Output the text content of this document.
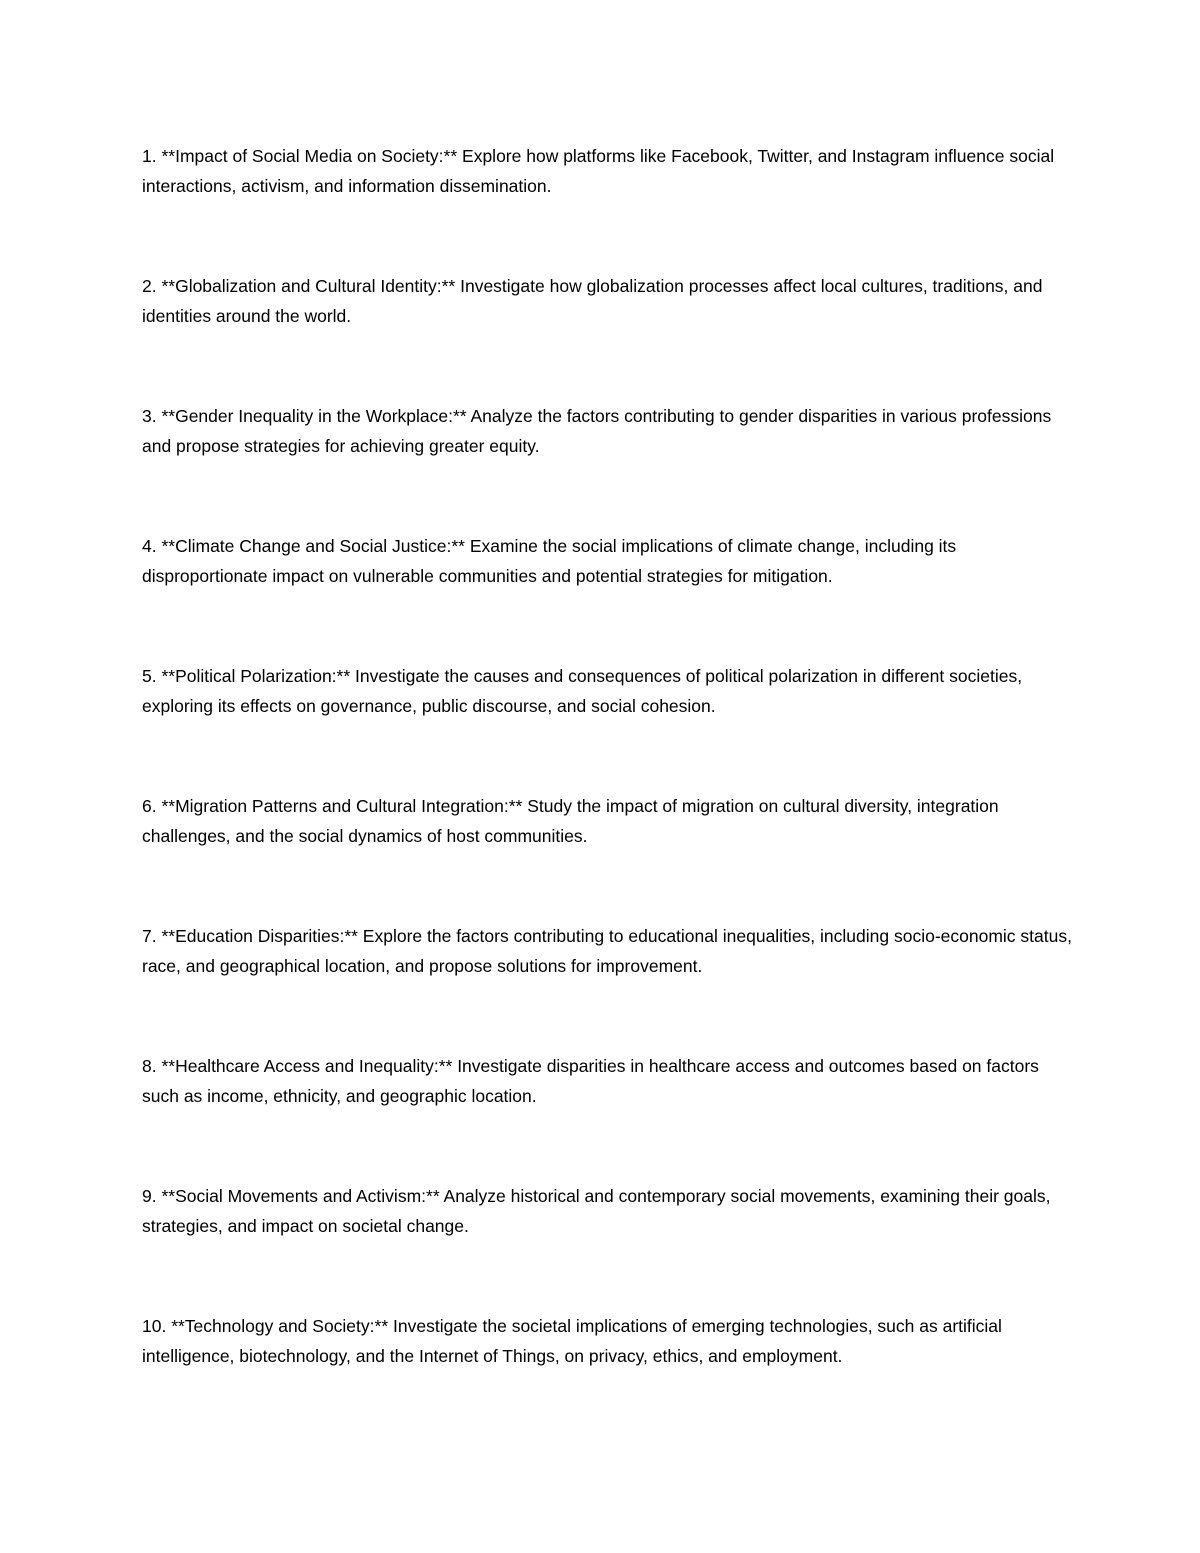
1. **Impact of Social Media on Society:** Explore how platforms like Facebook, Twitter, and Instagram influence social interactions, activism, and information dissemination.

2. **Globalization and Cultural Identity:** Investigate how globalization processes affect local cultures, traditions, and identities around the world.

3. **Gender Inequality in the Workplace:** Analyze the factors contributing to gender disparities in various professions and propose strategies for achieving greater equity.

4. **Climate Change and Social Justice:** Examine the social implications of climate change, including its disproportionate impact on vulnerable communities and potential strategies for mitigation.

5. **Political Polarization:** Investigate the causes and consequences of political polarization in different societies, exploring its effects on governance, public discourse, and social cohesion.

6. **Migration Patterns and Cultural Integration:** Study the impact of migration on cultural diversity, integration challenges, and the social dynamics of host communities.

7. **Education Disparities:** Explore the factors contributing to educational inequalities, including socio-economic status, race, and geographical location, and propose solutions for improvement.

8. **Healthcare Access and Inequality:** Investigate disparities in healthcare access and outcomes based on factors such as income, ethnicity, and geographic location.

9. **Social Movements and Activism:** Analyze historical and contemporary social movements, examining their goals, strategies, and impact on societal change.

10. **Technology and Society:** Investigate the societal implications of emerging technologies, such as artificial intelligence, biotechnology, and the Internet of Things, on privacy, ethics, and employment.
